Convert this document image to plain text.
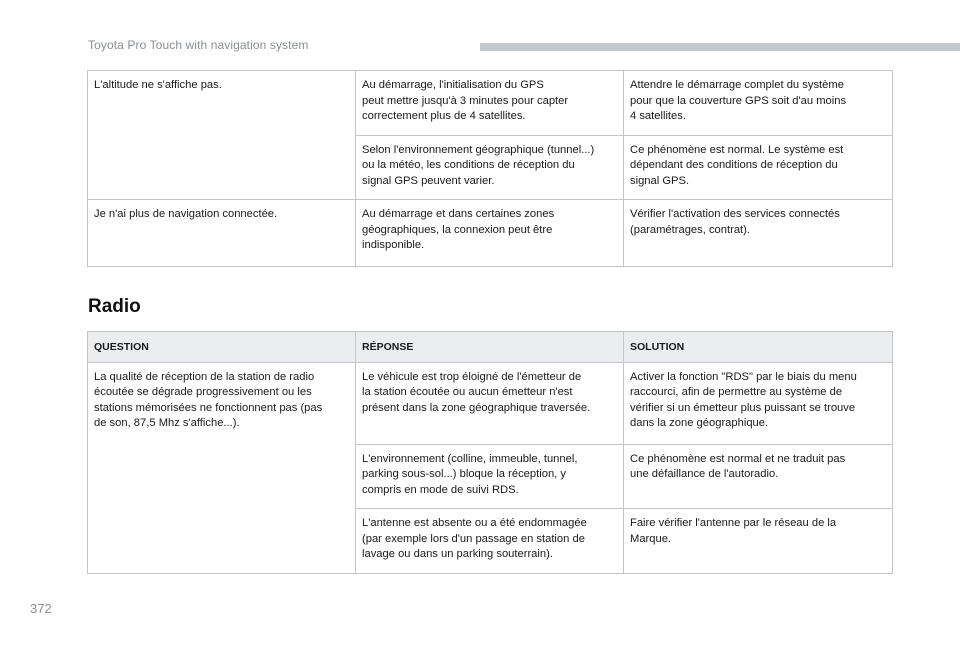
Toyota Pro Touch with navigation system
L'altitude ne s'affiche pas.	Au démarrage, l'initialisation du GPS
peut mettre jusqu'à 3 minutes pour capter
correctement plus de 4 satellites.	Attendre le démarrage complet du système
pour que la couverture GPS soit d'au moins
4 satellites.
	Selon l'environnement géographique (tunnel...)
ou la météo, les conditions de réception du
signal GPS peuvent varier.	Ce phénomène est normal. Le système est
dépendant des conditions de réception du
signal GPS.
Je n'ai plus de navigation connectée.	Au démarrage et dans certaines zones
géographiques, la connexion peut être
indisponible.	Vérifier l'activation des services connectés
(paramétrages, contrat).
Radio
QUESTION	RÉPONSE	SOLUTION
La qualité de réception de la station de radio
écoutée se dégrade progressivement ou les
stations mémorisées ne fonctionnent pas (pas
de son, 87,5 Mhz s'affiche...).	Le véhicule est trop éloigné de l'émetteur de
la station écoutée ou aucun émetteur n'est
présent dans la zone géographique traversée.	Activer la fonction "RDS" par le biais du menu
raccourci, afin de permettre au système de
vérifier si un émetteur plus puissant se trouve
dans la zone géographique.
	L'environnement (colline, immeuble, tunnel,
parking sous-sol...) bloque la réception, y
compris en mode de suivi RDS.	Ce phénomène est normal et ne traduit pas
une défaillance de l'autoradio.
	L'antenne est absente ou a été endommagée
(par exemple lors d'un passage en station de
lavage ou dans un parking souterrain).	Faire vérifier l'antenne par le réseau de la
Marque.
372
